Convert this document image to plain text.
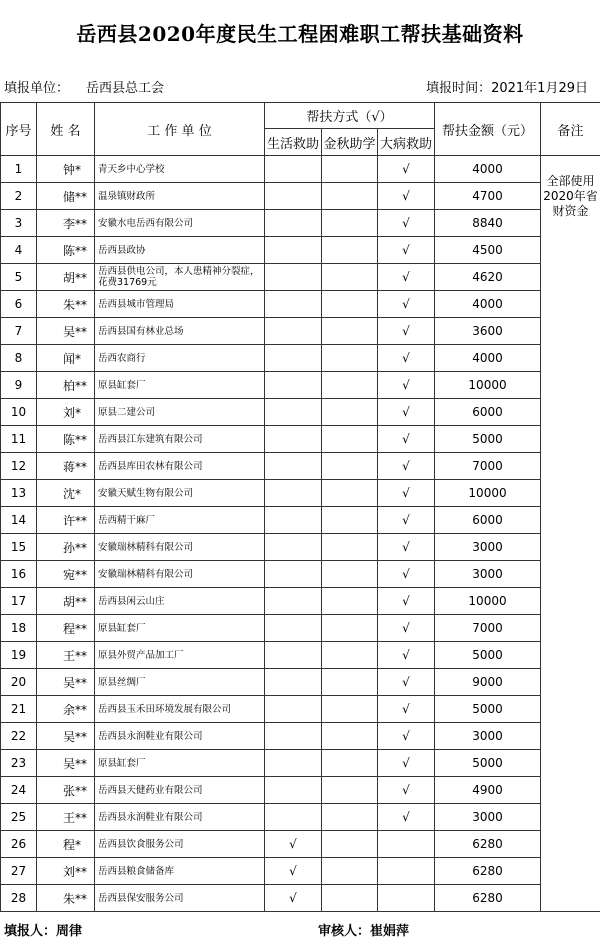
岳西县2020年度民生工程困难职工帮扶基础资料
填报单位： 岳西县总工会	填报时间：2021年1月29日
序号	姓 名	工 作 单 位	帮扶方式（√）			帮扶金额（元）	备注
			生活救助	金秋助学	大病救助		
1	钟*	青天乡中心学校			√	4000	全部使用2020年省财资金
2	储**	温泉镇财政所			√	4700	
3	李**	安徽水电岳西有限公司			√	8840	
4	陈**	岳西县政协			√	4500	
5	胡**	岳西县供电公司，本人患精神分裂症，花费31769元			√	4620	
6	朱**	岳西县城市管理局			√	4000	
7	吴**	岳西县国有林业总场			√	3600	
8	闻*	岳西农商行			√	4000	
9	柏**	原县缸套厂			√	10000	
10	刘*	原县二建公司			√	6000	
11	陈**	岳西县江东建筑有限公司			√	5000	
12	蒋**	岳西县库田农林有限公司			√	7000	
13	沈*	安徽天赋生物有限公司			√	10000	
14	许**	岳西精干麻厂			√	6000	
15	孙**	安徽瑞林精科有限公司			√	3000	
16	宛**	安徽瑞林精科有限公司			√	3000	
17	胡**	岳西县闲云山庄			√	10000	
18	程**	原县缸套厂			√	7000	
19	王**	原县外贸产品加工厂			√	5000	
20	吴**	原县丝绸厂			√	9000	
21	余**	岳西县玉禾田环境发展有限公司			√	5000	
22	吴**	岳西县永润鞋业有限公司			√	3000	
23	吴**	原县缸套厂			√	5000	
24	张**	岳西县天健药业有限公司			√	4900	
25	王**	岳西县永润鞋业有限公司			√	3000	
26	程*	岳西县饮食服务公司	√			6280	
27	刘**	岳西县粮食储备库	√			6280	
28	朱**	岳西县保安服务公司	√			6280	
填报人：周律	审核人：崔娟萍
